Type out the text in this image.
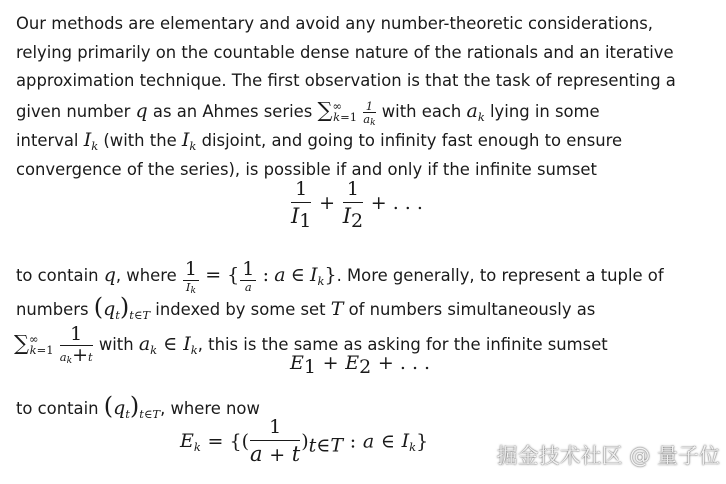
Our methods are elementary and avoid any number-theoretic considerations,
relying primarily on the countable dense nature of the rationals and an iterative
approximation technique. The first observation is that the task of representing a
given number q as an Ahmes series $\sum^\infty_{k=1} \frac{1}{a_k}$ with each $a_k$ lying in some
interval $I_k$ (with the $I_k$ disjoint, and going to infinity fast enough to ensure
convergence of the series), is possible if and only if the infinite sumset
$\frac{1}{I_1} + \frac{1}{I_2}$ + . . .
to contain q, where $\frac{1}{I_k}$ = { $\frac{1}{a}$ : a ∈ $I_k$}. More generally, to represent a tuple of
numbers $(q_t)_{t\in T}$ indexed by some set T of numbers simultaneously as
$\sum^\infty_{k=1} \frac{1}{a_k+t}$ with $a_k$ ∈ $I_k$, this is the same as asking for the infinite sumset
$E_1 + E_2$ + . . .
to contain $(q_t)_{t\in T}$, where now
$E_k$ = {( $\frac{1}{a + t} )_{t\in T}$ : a ∈ $I_k$}
掘金技术社区 @ 量子位
